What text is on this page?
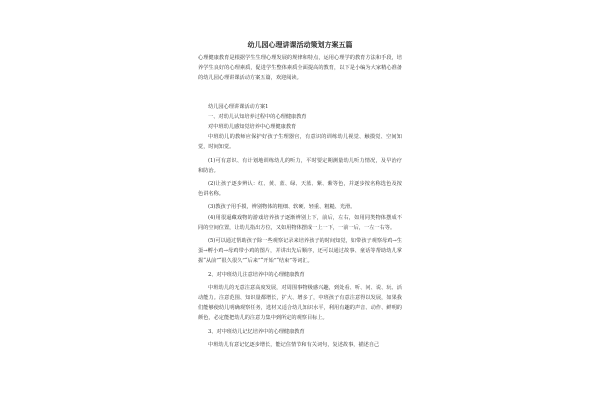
幼儿园心理讲课活动策划方案五篇

心理健康教育是根据学生生理心理发展的规律和特点，运用心理学的教育方法和手段，培养学生良好的心理素质，促进学生整体素质全面提高的教育，以下是小编为大家精心准备的幼儿园心理讲课活动方案五篇，欢迎阅读。

幼儿园心理讲课活动方案1

一、对幼儿认知培养过程中的心理健康教育

对中班幼儿感知觉培养中心理健康教育

中班幼儿的教师应保护好孩子生理器官，有意识的训练幼儿视觉、触摸觉、空间知觉，时间知觉。

(1)可有意识、有计划地训练幼儿的听力，平时要定期测量幼儿听力情况，及早治疗和防治。

(2)让孩子逐步辨认：红、黄、蓝、绿、天蓝、紫、紫等色，并逐步按名称选色及按色讲名称。

(3)教孩子用手摸，辨别物体的粗细、软硬、轻重、粗糙、光滑。

(4)用很逼藏戏物的游戏培养孩子逐渐辨别上下，前后，左右，如用同类物体摆成不同的空间位置，让幼儿指出方位，又如用物体摆成一上一下，一前一后，一左一右等。

(5)可以通过帮助孩子除一些观察记录来培养孩子的时间知觉，如带孩子观察母鸡→生蛋→孵小鸡→母鸡带小鸡的图片，并讲出先后顺序，还可以通过故事、童话等帮助幼儿掌握“从前”“很久很久”“后来”“开始”“结束”等词汇。

2、对中班幼儿注意培养中的心理健康教育

中班幼儿的无意注意高度发展，对周围事物极感兴趣，到处看、听、问、说、玩、活动能力。注意范围、知识量都增长，扩大、增多了，中班孩子有意注意得以发展，如果我们能够使幼儿明确观察任务，选材又适合幼儿知识水平，利用有趣的声音、动作、鲜明的颜色，必定能把幼儿的注意力集中到所定的观察目标上。

3、对中班幼儿记忆培养中的心理健康教育

中班幼儿有意记忆逐步增长，能记住情节和有关词句，复述故事，描述自己
